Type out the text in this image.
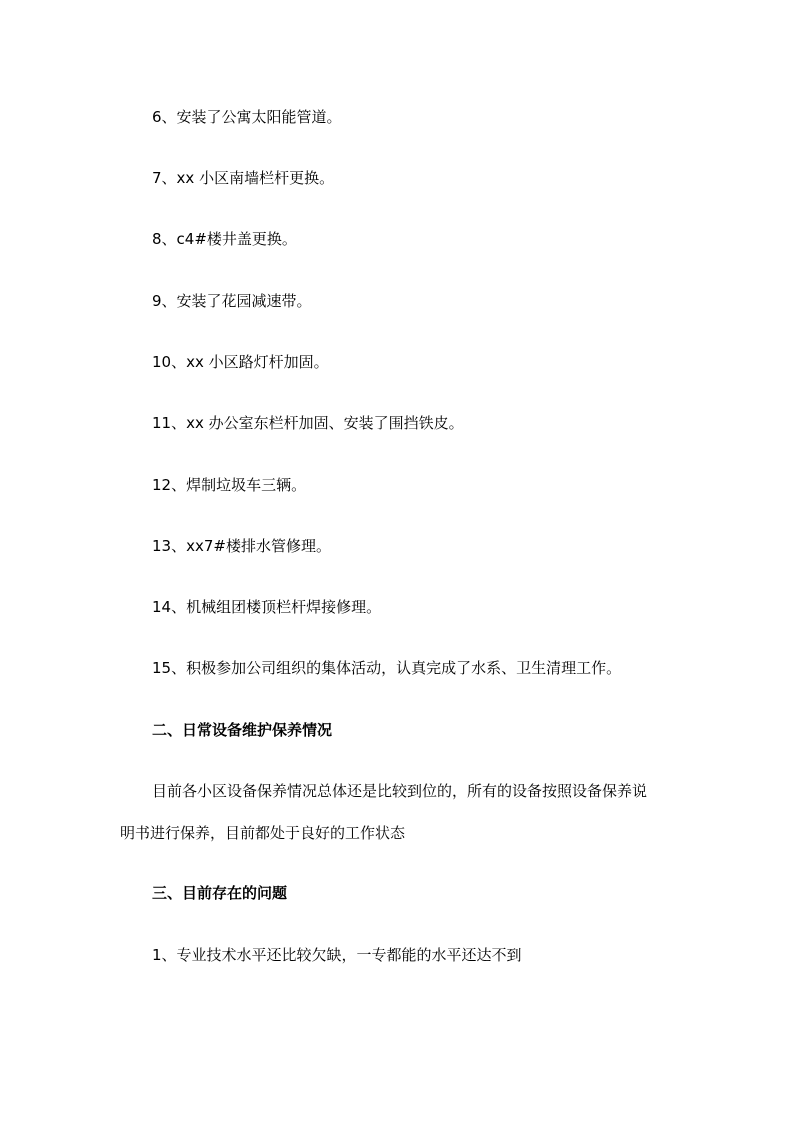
6、安装了公寓太阳能管道。

7、xx 小区南墙栏杆更换。

8、c4#楼井盖更换。

9、安装了花园减速带。

10、xx 小区路灯杆加固。

11、xx 办公室东栏杆加固、安装了围挡铁皮。

12、焊制垃圾车三辆。

13、xx7#楼排水管修理。

14、机械组团楼顶栏杆焊接修理。

15、积极参加公司组织的集体活动，认真完成了水系、卫生清理工作。

二、日常设备维护保养情况

目前各小区设备保养情况总体还是比较到位的，所有的设备按照设备保养说

明书进行保养，目前都处于良好的工作状态

三、目前存在的问题

1、专业技术水平还比较欠缺，一专都能的水平还达不到
